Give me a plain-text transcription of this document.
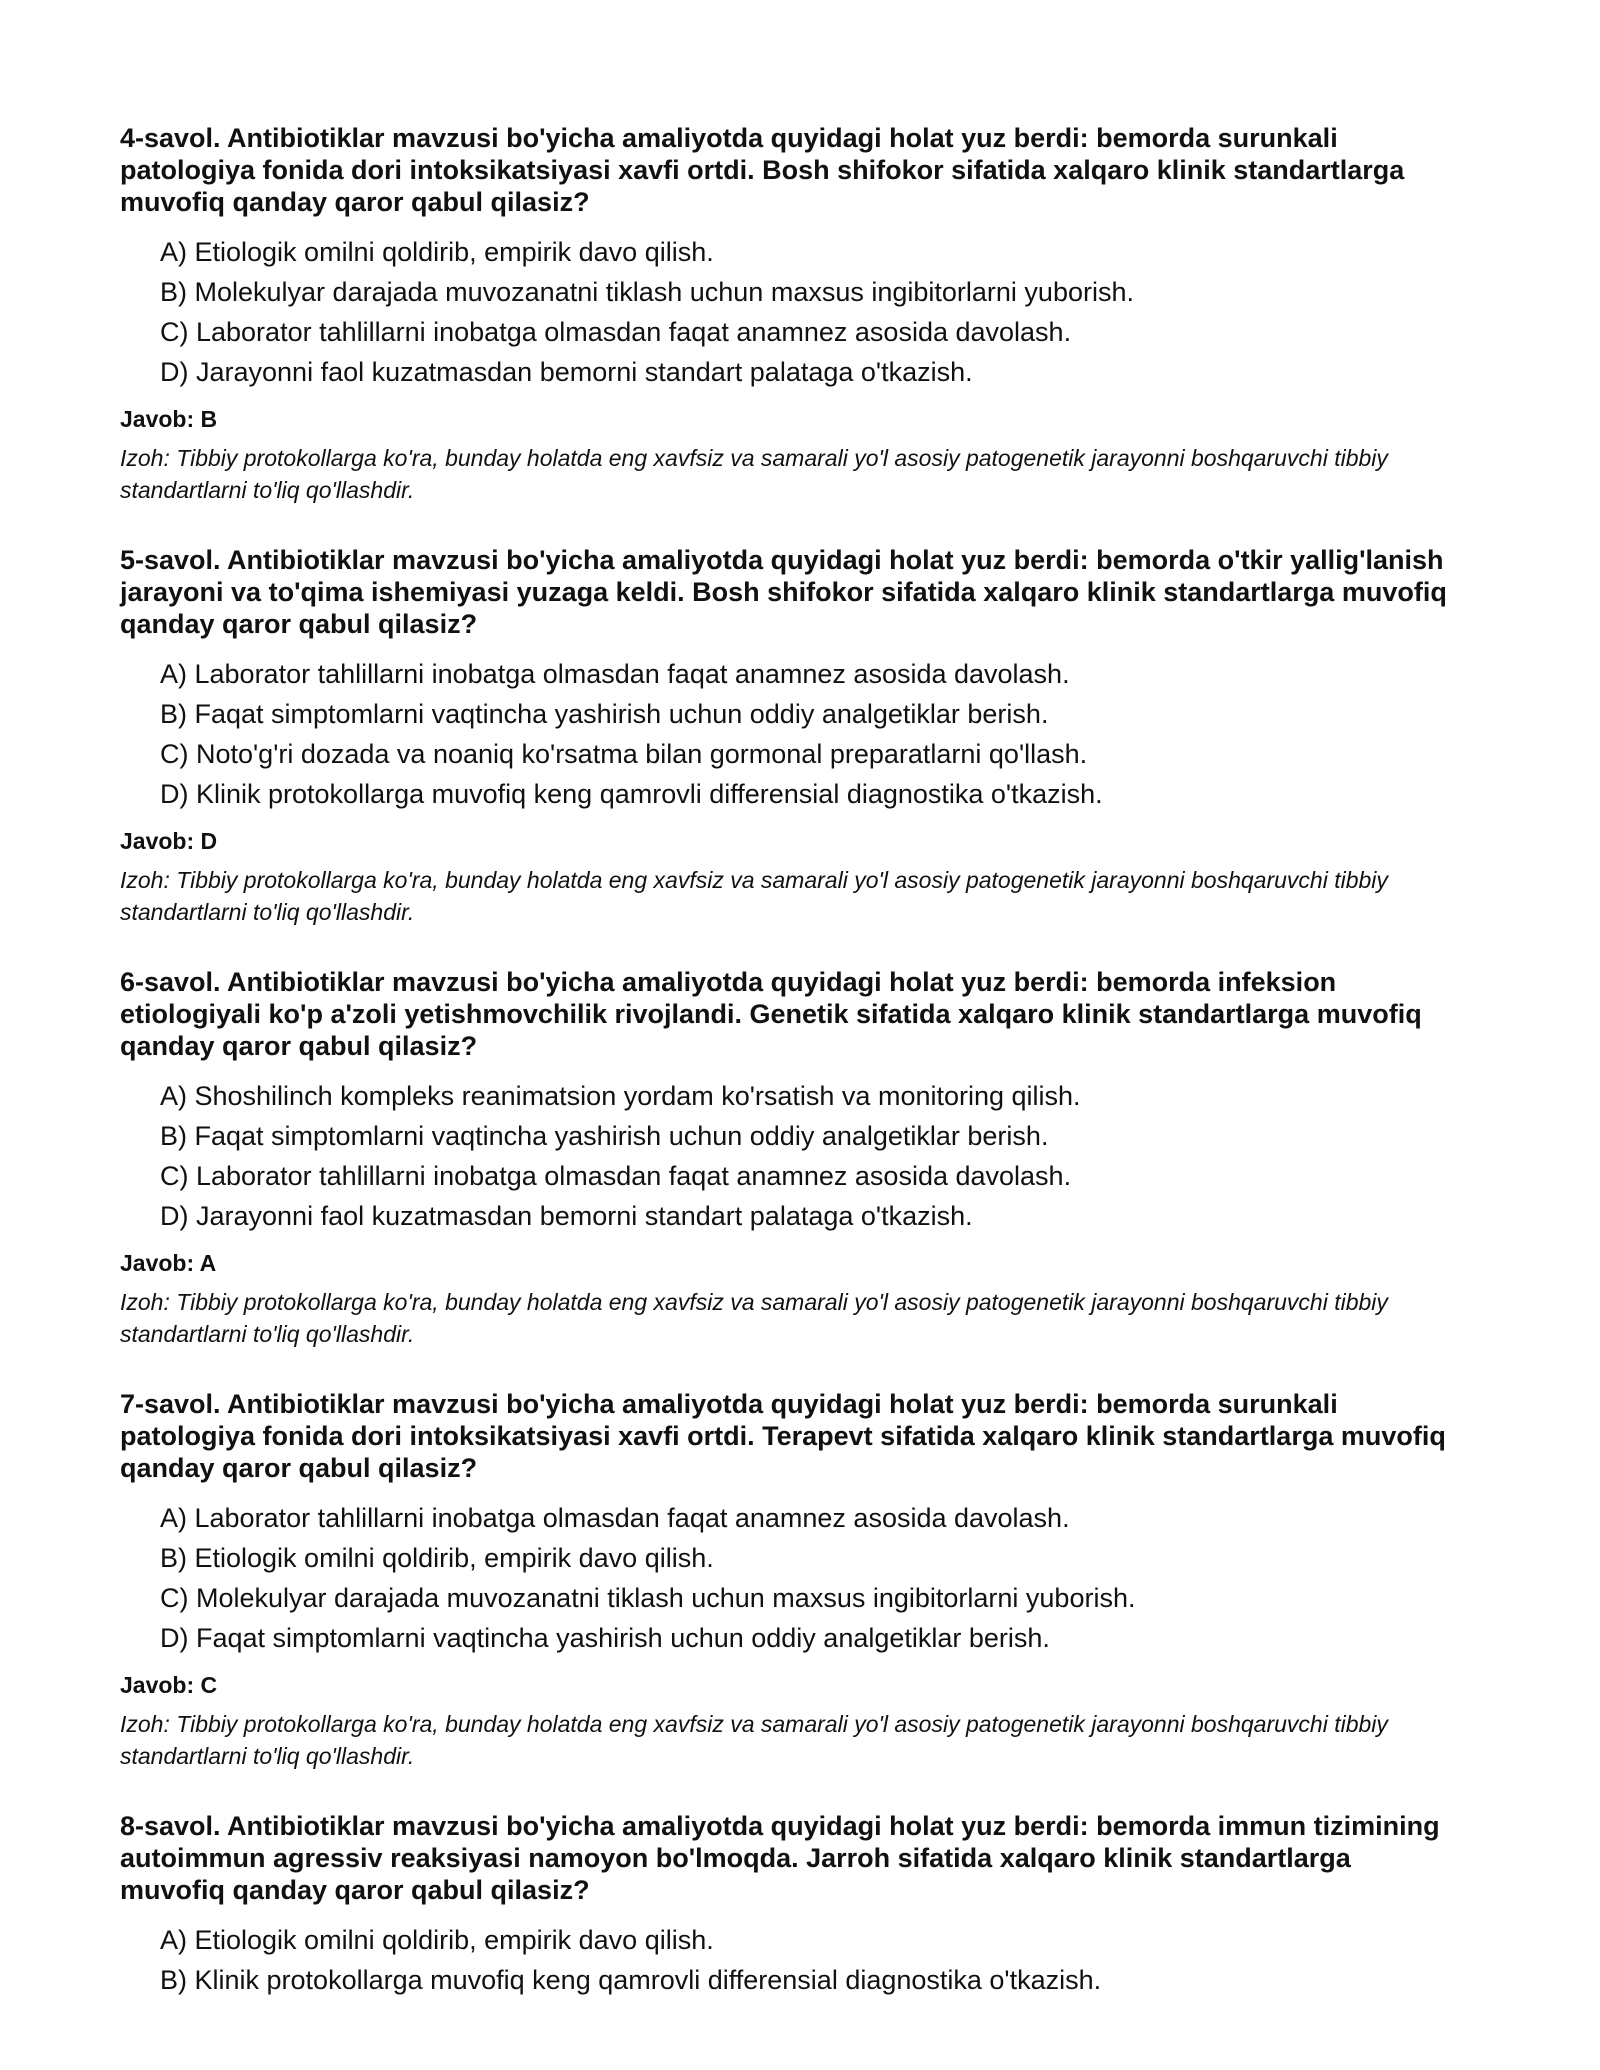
4-savol. Antibiotiklar mavzusi bo'yicha amaliyotda quyidagi holat yuz berdi: bemorda surunkali patologiya fonida dori intoksikatsiyasi xavfi ortdi. Bosh shifokor sifatida xalqaro klinik standartlarga muvofiq qanday qaror qabul qilasiz?
A) Etiologik omilni qoldirib, empirik davo qilish.
B) Molekulyar darajada muvozanatni tiklash uchun maxsus ingibitorlarni yuborish.
C) Laborator tahlillarni inobatga olmasdan faqat anamnez asosida davolash.
D) Jarayonni faol kuzatmasdan bemorni standart palataga o'tkazish.
Javob: B
Izoh: Tibbiy protokollarga ko'ra, bunday holatda eng xavfsiz va samarali yo'l asosiy patogenetik jarayonni boshqaruvchi tibbiy standartlarni to'liq qo'llashdir.
5-savol. Antibiotiklar mavzusi bo'yicha amaliyotda quyidagi holat yuz berdi: bemorda o'tkir yallig'lanish jarayoni va to'qima ishemiyasi yuzaga keldi. Bosh shifokor sifatida xalqaro klinik standartlarga muvofiq qanday qaror qabul qilasiz?
A) Laborator tahlillarni inobatga olmasdan faqat anamnez asosida davolash.
B) Faqat simptomlarni vaqtincha yashirish uchun oddiy analgetiklar berish.
C) Noto'g'ri dozada va noaniq ko'rsatma bilan gormonal preparatlarni qo'llash.
D) Klinik protokollarga muvofiq keng qamrovli differensial diagnostika o'tkazish.
Javob: D
Izoh: Tibbiy protokollarga ko'ra, bunday holatda eng xavfsiz va samarali yo'l asosiy patogenetik jarayonni boshqaruvchi tibbiy standartlarni to'liq qo'llashdir.
6-savol. Antibiotiklar mavzusi bo'yicha amaliyotda quyidagi holat yuz berdi: bemorda infeksion etiologiyali ko'p a'zoli yetishmovchilik rivojlandi. Genetik sifatida xalqaro klinik standartlarga muvofiq qanday qaror qabul qilasiz?
A) Shoshilinch kompleks reanimatsion yordam ko'rsatish va monitoring qilish.
B) Faqat simptomlarni vaqtincha yashirish uchun oddiy analgetiklar berish.
C) Laborator tahlillarni inobatga olmasdan faqat anamnez asosida davolash.
D) Jarayonni faol kuzatmasdan bemorni standart palataga o'tkazish.
Javob: A
Izoh: Tibbiy protokollarga ko'ra, bunday holatda eng xavfsiz va samarali yo'l asosiy patogenetik jarayonni boshqaruvchi tibbiy standartlarni to'liq qo'llashdir.
7-savol. Antibiotiklar mavzusi bo'yicha amaliyotda quyidagi holat yuz berdi: bemorda surunkali patologiya fonida dori intoksikatsiyasi xavfi ortdi. Terapevt sifatida xalqaro klinik standartlarga muvofiq qanday qaror qabul qilasiz?
A) Laborator tahlillarni inobatga olmasdan faqat anamnez asosida davolash.
B) Etiologik omilni qoldirib, empirik davo qilish.
C) Molekulyar darajada muvozanatni tiklash uchun maxsus ingibitorlarni yuborish.
D) Faqat simptomlarni vaqtincha yashirish uchun oddiy analgetiklar berish.
Javob: C
Izoh: Tibbiy protokollarga ko'ra, bunday holatda eng xavfsiz va samarali yo'l asosiy patogenetik jarayonni boshqaruvchi tibbiy standartlarni to'liq qo'llashdir.
8-savol. Antibiotiklar mavzusi bo'yicha amaliyotda quyidagi holat yuz berdi: bemorda immun tizimining autoimmun agressiv reaksiyasi namoyon bo'lmoqda. Jarroh sifatida xalqaro klinik standartlarga muvofiq qanday qaror qabul qilasiz?
A) Etiologik omilni qoldirib, empirik davo qilish.
B) Klinik protokollarga muvofiq keng qamrovli differensial diagnostika o'tkazish.
